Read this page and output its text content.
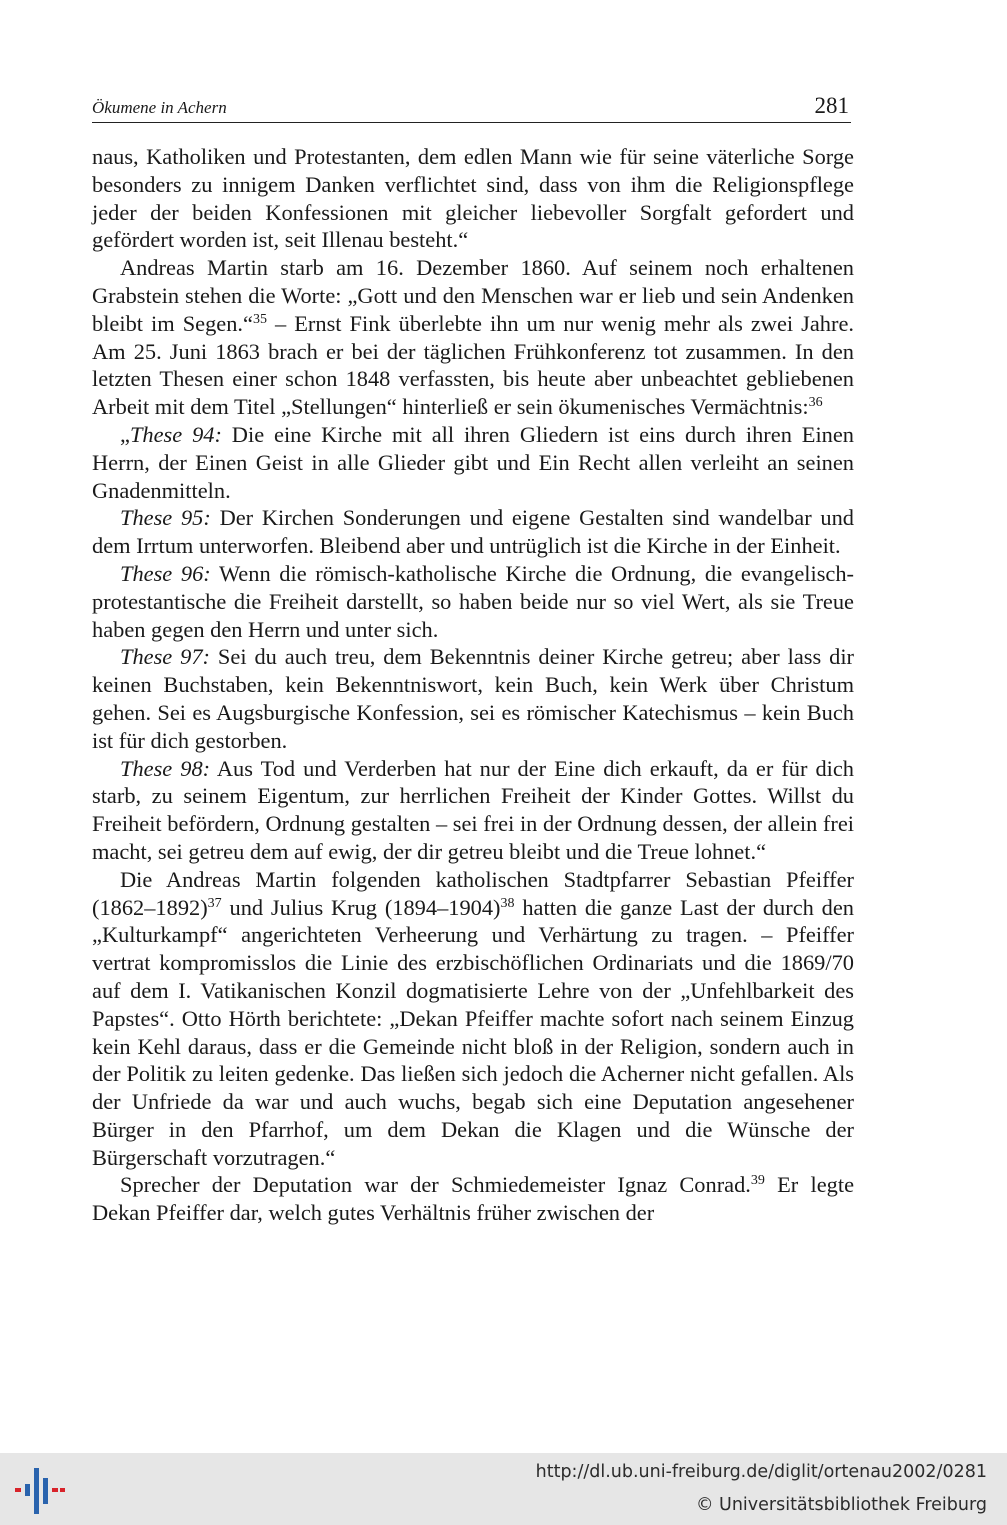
Ökumene in Achern	281

naus, Katholiken und Protestanten, dem edlen Mann wie für seine väterliche Sorge besonders zu innigem Danken verflichtet sind, dass von ihm die Religionspflege jeder der beiden Konfessionen mit gleicher liebevoller Sorgfalt gefordert und gefördert worden ist, seit Illenau besteht.“

Andreas Martin starb am 16. Dezember 1860. Auf seinem noch erhaltenen Grabstein stehen die Worte: „Gott und den Menschen war er lieb und sein Andenken bleibt im Segen.“$^{35}$ – Ernst Fink überlebte ihn um nur wenig mehr als zwei Jahre. Am 25. Juni 1863 brach er bei der täglichen Frühkonferenz tot zusammen. In den letzten Thesen einer schon 1848 verfassten, bis heute aber unbeachtet gebliebenen Arbeit mit dem Titel „Stellungen“ hinterließ er sein ökumenisches Vermächtnis:$^{36}$

„These 94: Die eine Kirche mit all ihren Gliedern ist eins durch ihren Einen Herrn, der Einen Geist in alle Glieder gibt und Ein Recht allen verleiht an seinen Gnadenmitteln.

These 95: Der Kirchen Sonderungen und eigene Gestalten sind wandelbar und dem Irrtum unterworfen. Bleibend aber und untrüglich ist die Kirche in der Einheit.

These 96: Wenn die römisch-katholische Kirche die Ordnung, die evangelisch-protestantische die Freiheit darstellt, so haben beide nur so viel Wert, als sie Treue haben gegen den Herrn und unter sich.

These 97: Sei du auch treu, dem Bekenntnis deiner Kirche getreu; aber lass dir keinen Buchstaben, kein Bekenntniswort, kein Buch, kein Werk über Christum gehen. Sei es Augsburgische Konfession, sei es römischer Katechismus – kein Buch ist für dich gestorben.

These 98: Aus Tod und Verderben hat nur der Eine dich erkauft, da er für dich starb, zu seinem Eigentum, zur herrlichen Freiheit der Kinder Gottes. Willst du Freiheit befördern, Ordnung gestalten – sei frei in der Ordnung dessen, der allein frei macht, sei getreu dem auf ewig, der dir getreu bleibt und die Treue lohnet.“

Die Andreas Martin folgenden katholischen Stadtpfarrer Sebastian Pfeiffer (1862–1892)$^{37}$ und Julius Krug (1894–1904)$^{38}$ hatten die ganze Last der durch den „Kulturkampf“ angerichteten Verheerung und Verhärtung zu tragen. – Pfeiffer vertrat kompromisslos die Linie des erzbischöflichen Ordinariats und die 1869/70 auf dem I. Vatikanischen Konzil dogmatisierte Lehre von der „Unfehlbarkeit des Papstes“. Otto Hörth berichtete: „Dekan Pfeiffer machte sofort nach seinem Einzug kein Kehl daraus, dass er die Gemeinde nicht bloß in der Religion, sondern auch in der Politik zu leiten gedenke. Das ließen sich jedoch die Acherner nicht gefallen. Als der Unfriede da war und auch wuchs, begab sich eine Deputation angesehener Bürger in den Pfarrhof, um dem Dekan die Klagen und die Wünsche der Bürgerschaft vorzutragen.“

Sprecher der Deputation war der Schmiedemeister Ignaz Conrad.$^{39}$ Er legte Dekan Pfeiffer dar, welch gutes Verhältnis früher zwischen der

http://dl.ub.uni-freiburg.de/diglit/ortenau2002/0281
© Universitätsbibliothek Freiburg
